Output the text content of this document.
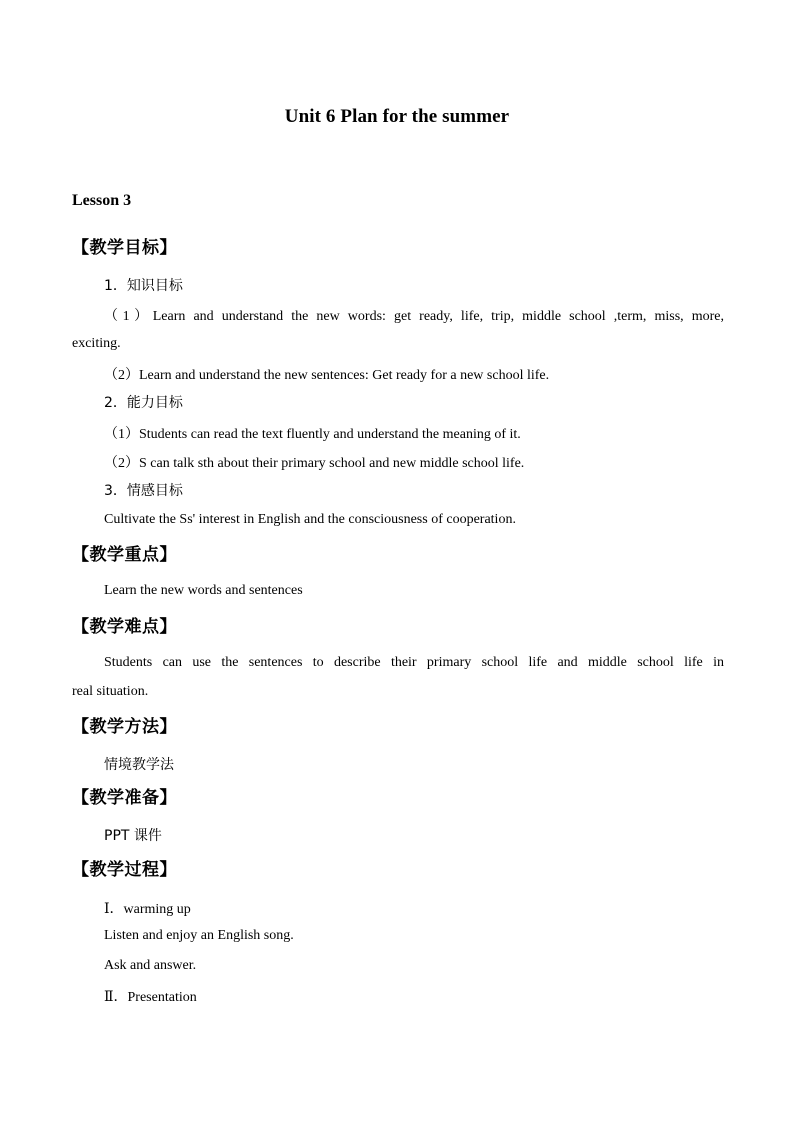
Unit 6 Plan for the summer
Lesson 3
【教学目标】
1．知识目标
（1）Learn and understand the new words: get ready, life, trip, middle school ,term, miss, more,
exciting.
（2）Learn and understand the new sentences: Get ready for a new school life.
2．能力目标
（1）Students can read the text fluently and understand the meaning of it.
（2）S can talk sth about their primary school and new middle school life.
3．情感目标
Cultivate the Ss' interest in English and the consciousness of cooperation.
【教学重点】
Learn the new words and sentences
【教学难点】
Students can use the sentences to describe their primary school life and middle school life in
real situation.
【教学方法】
情境教学法
【教学准备】
PPT 课件
【教学过程】
Ⅰ．warming up
Listen and enjoy an English song.
Ask and answer.
Ⅱ．Presentation
